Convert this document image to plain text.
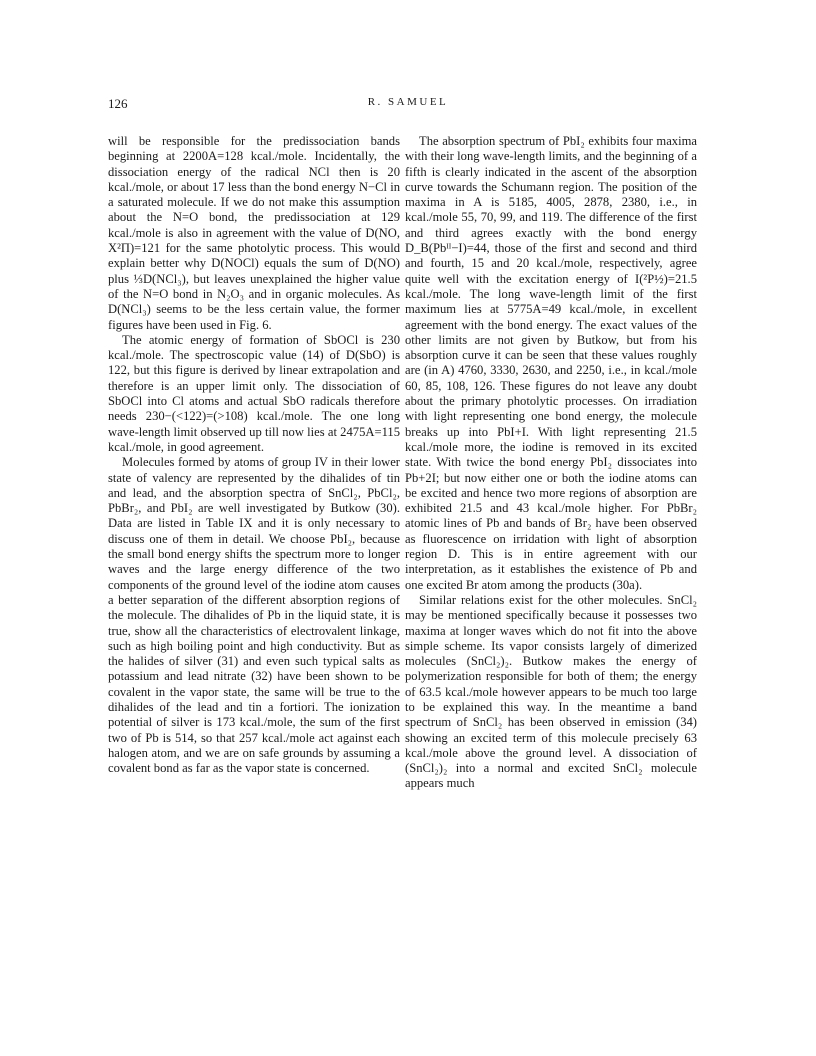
126	R. SAMUEL

will be responsible for the predissociation bands beginning at 2200A=128 kcal./mole. Incidentally, the dissociation energy of the radical NCl then is 20 kcal./mole, or about 17 less than the bond energy N−Cl in a saturated molecule. If we do not make this assumption about the N=O bond, the predissociation at 129 kcal./mole is also in agreement with the value of D(NO, X²Π)=121 for the same photolytic process. This would explain better why D(NOCl) equals the sum of D(NO) plus ⅓D(NCl₃), but leaves unexplained the higher value of the N=O bond in N₂O₃ and in organic molecules. As D(NCl₃) seems to be the less certain value, the former figures have been used in Fig. 6.

The atomic energy of formation of SbOCl is 230 kcal./mole. The spectroscopic value (14) of D(SbO) is 122, but this figure is derived by linear extrapolation and therefore is an upper limit only. The dissociation of SbOCl into Cl atoms and actual SbO radicals therefore needs 230−(<122)=(>108) kcal./mole. The one long wave-length limit observed up till now lies at 2475A=115 kcal./mole, in good agreement.

Molecules formed by atoms of group IV in their lower state of valency are represented by the dihalides of tin and lead, and the absorption spectra of SnCl₂, PbCl₂, PbBr₂, and PbI₂ are well investigated by Butkow (30). Data are listed in Table IX and it is only necessary to discuss one of them in detail. We choose PbI₂, because the small bond energy shifts the spectrum more to longer waves and the large energy difference of the two components of the ground level of the iodine atom causes a better separation of the different absorption regions of the molecule. The dihalides of Pb in the liquid state, it is true, show all the characteristics of electrovalent linkage, such as high boiling point and high conductivity. But as the halides of silver (31) and even such typical salts as potassium and lead nitrate (32) have been shown to be covalent in the vapor state, the same will be true to the dihalides of the lead and tin a fortiori. The ionization potential of silver is 173 kcal./mole, the sum of the first two of Pb is 514, so that 257 kcal./mole act against each halogen atom, and we are on safe grounds by assuming a covalent bond as far as the vapor state is concerned.

The absorption spectrum of PbI₂ exhibits four maxima with their long wave-length limits, and the beginning of a fifth is clearly indicated in the ascent of the absorption curve towards the Schumann region. The position of the maxima in A is 5185, 4005, 2878, 2380, i.e., in kcal./mole 55, 70, 99, and 119. The difference of the first and third agrees exactly with the bond energy D_B(Pbᴵᴵ−I)=44, those of the first and second and third and fourth, 15 and 20 kcal./mole, respectively, agree quite well with the excitation energy of I(²P½)=21.5 kcal./mole. The long wave-length limit of the first maximum lies at 5775A=49 kcal./mole, in excellent agreement with the bond energy. The exact values of the other limits are not given by Butkow, but from his absorption curve it can be seen that these values roughly are (in A) 4760, 3330, 2630, and 2250, i.e., in kcal./mole 60, 85, 108, 126. These figures do not leave any doubt about the primary photolytic processes. On irradiation with light representing one bond energy, the molecule breaks up into PbI+I. With light representing 21.5 kcal./mole more, the iodine is removed in its excited state. With twice the bond energy PbI₂ dissociates into Pb+2I; but now either one or both the iodine atoms can be excited and hence two more regions of absorption are exhibited 21.5 and 43 kcal./mole higher. For PbBr₂ atomic lines of Pb and bands of Br₂ have been observed as fluorescence on irridation with light of absorption region D. This is in entire agreement with our interpretation, as it establishes the existence of Pb and one excited Br atom among the products (30a).

Similar relations exist for the other molecules. SnCl₂ may be mentioned specifically because it possesses two maxima at longer waves which do not fit into the above simple scheme. Its vapor consists largely of dimerized molecules (SnCl₂)₂. Butkow makes the energy of polymerization responsible for both of them; the energy of 63.5 kcal./mole however appears to be much too large to be explained this way. In the meantime a band spectrum of SnCl₂ has been observed in emission (34) showing an excited term of this molecule precisely 63 kcal./mole above the ground level. A dissociation of (SnCl₂)₂ into a normal and excited SnCl₂ molecule appears much
